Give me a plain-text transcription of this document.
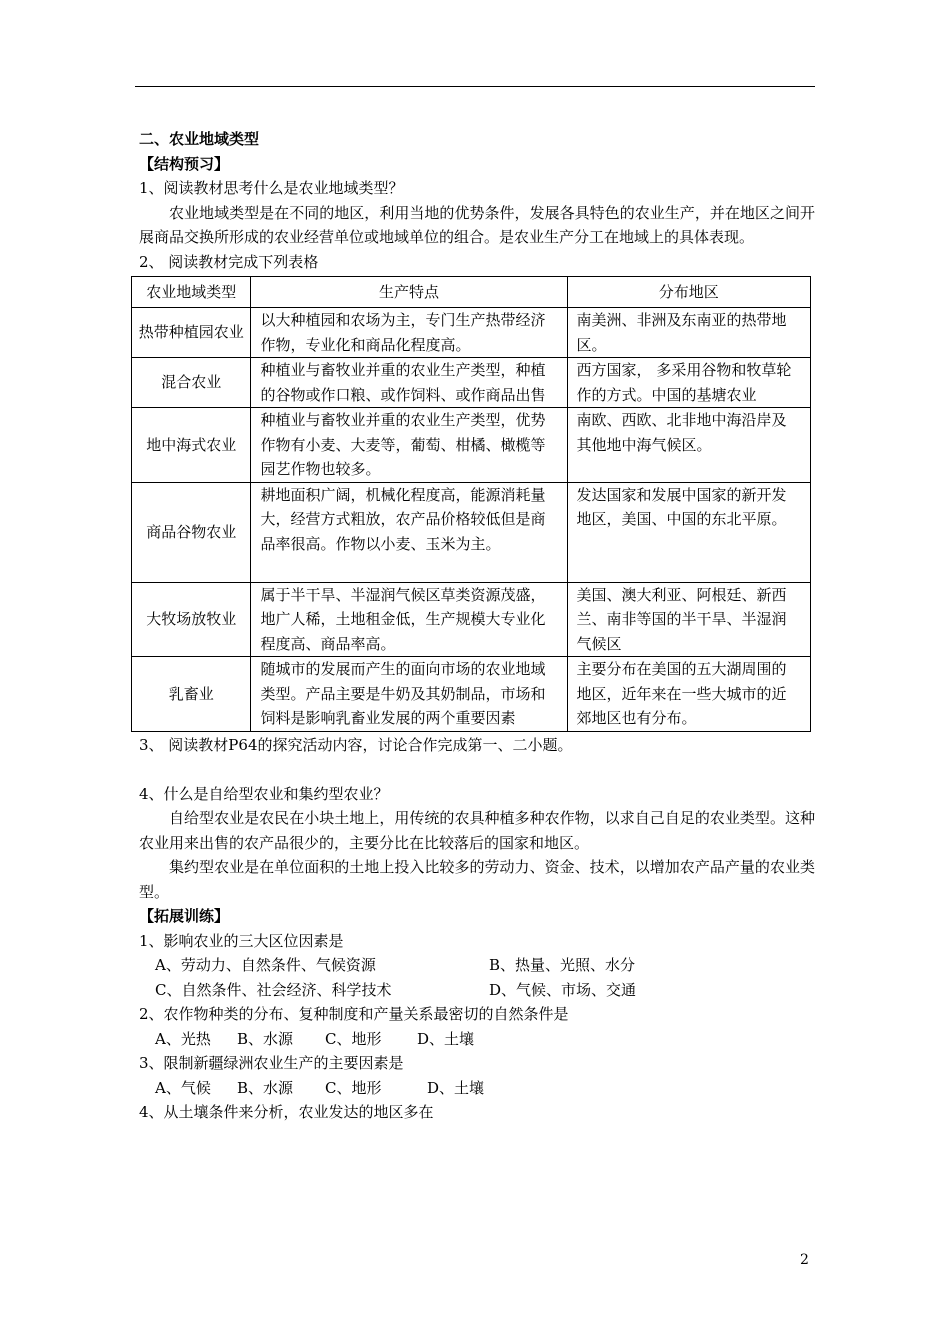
二、农业地域类型
【结构预习】
1、阅读教材思考什么是农业地域类型？
农业地域类型是在不同的地区，利用当地的优势条件，发展各具特色的农业生产，并在地区之间开展商品交换所形成的农业经营单位或地域单位的组合。是农业生产分工在地域上的具体表现。
2、 阅读教材完成下列表格
农业地域类型	生产特点	分布地区
热带种植园农业	以大种植园和农场为主，专门生产热带经济作物，专业化和商品化程度高。	南美洲、非洲及东南亚的热带地区。
混合农业	种植业与畜牧业并重的农业生产类型，种植的谷物或作口粮、或作饲料、或作商品出售	西方国家， 多采用谷物和牧草轮作的方式。中国的基塘农业
地中海式农业	种植业与畜牧业并重的农业生产类型，优势作物有小麦、大麦等，葡萄、柑橘、橄榄等园艺作物也较多。	南欧、西欧、北非地中海沿岸及其他地中海气候区。
商品谷物农业	耕地面积广阔，机械化程度高，能源消耗量大，经营方式粗放，农产品价格较低但是商品率很高。作物以小麦、玉米为主。	发达国家和发展中国家的新开发地区，美国、中国的东北平原。
大牧场放牧业	属于半干旱、半湿润气候区草类资源茂盛，地广人稀，土地租金低，生产规模大专业化程度高、商品率高。	美国、澳大利亚、阿根廷、新西兰、南非等国的半干旱、半湿润气候区
乳畜业	随城市的发展而产生的面向市场的农业地域类型。产品主要是牛奶及其奶制品，市场和饲料是影响乳畜业发展的两个重要因素	主要分布在美国的五大湖周围的地区，近年来在一些大城市的近郊地区也有分布。
3、 阅读教材P64的探究活动内容，讨论合作完成第一、二小题。
4、什么是自给型农业和集约型农业？
自给型农业是农民在小块土地上，用传统的农具种植多种农作物，以求自己自足的农业类型。这种农业用来出售的农产品很少的，主要分比在比较落后的国家和地区。
集约型农业是在单位面积的土地上投入比较多的劳动力、资金、技术，以增加农产品产量的农业类型。
【拓展训练】
1、影响农业的三大区位因素是
A、劳动力、自然条件、气候资源	B、热量、光照、水分
C、自然条件、社会经济、科学技术	D、气候、市场、交通
2、农作物种类的分布、复种制度和产量关系最密切的自然条件是
A、光热 B、水源 C、地形 D、土壤
3、限制新疆绿洲农业生产的主要因素是
A、气候 B、水源 C、地形	D、土壤
4、从土壤条件来分析，农业发达的地区多在
2
